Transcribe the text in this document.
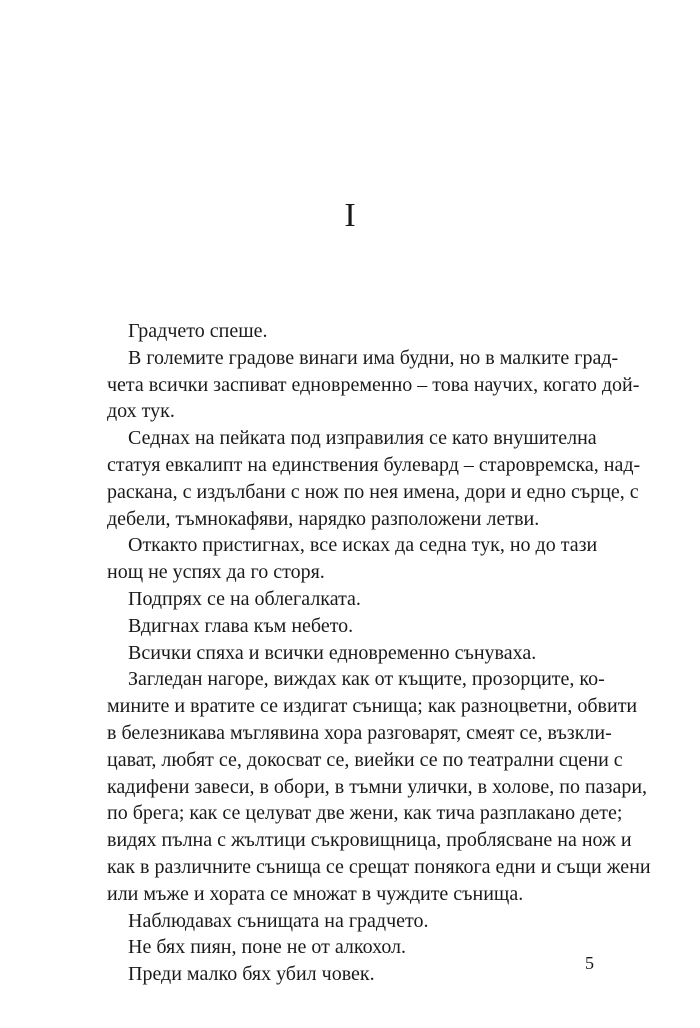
I
Градчето спеше.
В големите градове винаги има будни, но в малките град-
чета всички заспиват едновременно – това научих, когато дой-
дох тук.
Седнах на пейката под изправилия се като внушителна
статуя евкалипт на единствения булевард – старовремска, над-
раскана, с издълбани с нож по нея имена, дори и едно сърце, с
дебели, тъмнокафяви, нарядко разположени летви.
Откакто пристигнах, все исках да седна тук, но до тази
нощ не успях да го сторя.
Подпрях се на облегалката.
Вдигнах глава към небето.
Всички спяха и всички едновременно сънуваха.
Загледан нагоре, виждах как от къщите, прозорците, ко-
мините и вратите се издигат сънища; как разноцветни, обвити
в белезникава мъглявина хора разговарят, смеят се, възкли-
цават, любят се, докосват се, виейки се по театрални сцени с
кадифени завеси, в обори, в тъмни улички, в холове, по пазари,
по брега; как се целуват две жени, как тича разплакано дете;
видях пълна с жълтици съкровищница, проблясване на нож и
как в различните сънища се срещат понякога едни и същи жени
или мъже и хората се множат в чуждите сънища.
Наблюдавах сънищата на градчето.
Не бях пиян, поне не от алкохол.
Преди малко бях убил човек.
5
